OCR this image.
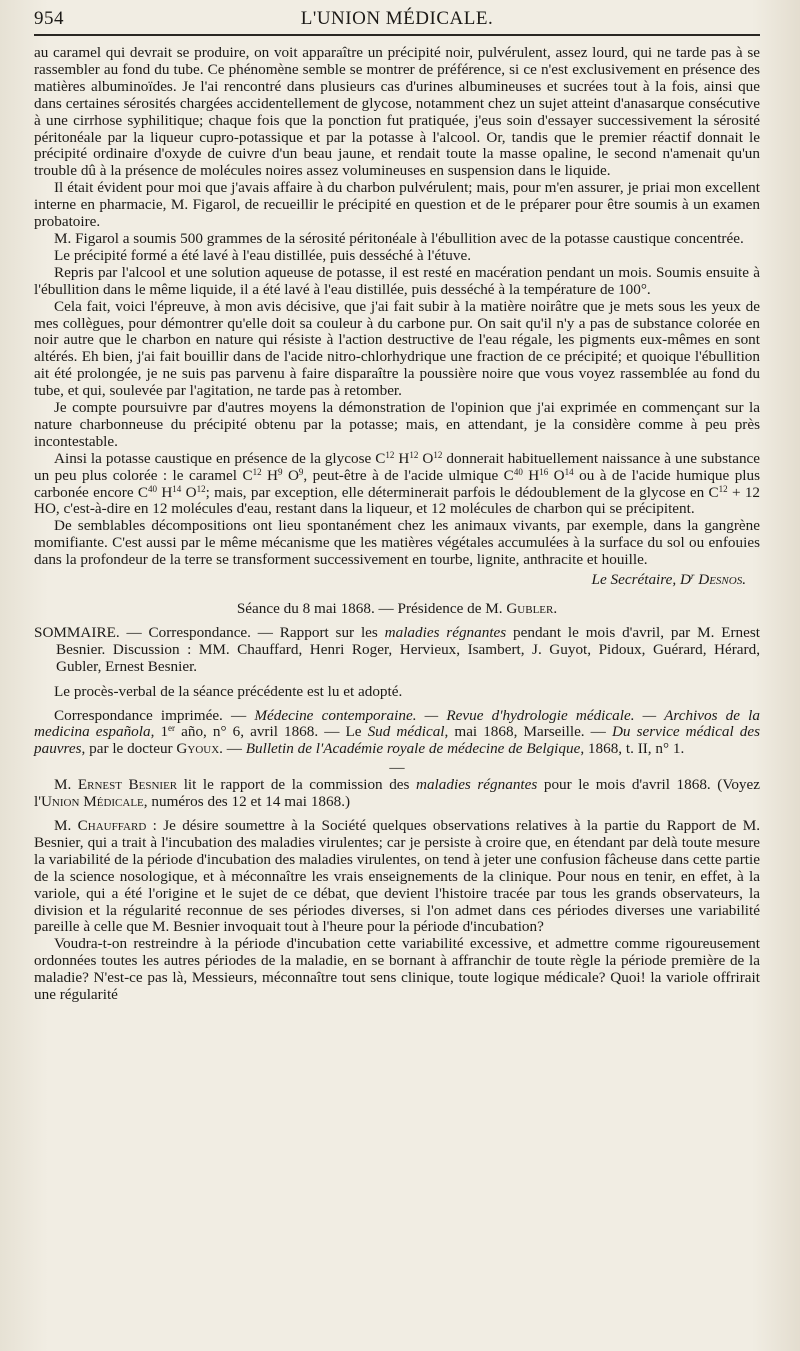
954	L'UNION MÉDICALE.

au caramel qui devrait se produire, on voit apparaître un précipité noir, pulvérulent, assez lourd, qui ne tarde pas à se rassembler au fond du tube. Ce phénomène semble se montrer de préférence, si ce n'est exclusivement en présence des matières albuminoïdes. Je l'ai rencontré dans plusieurs cas d'urines albumineuses et sucrées tout à la fois, ainsi que dans certaines sérosités chargées accidentellement de glycose, notamment chez un sujet atteint d'anasarque consécutive à une cirrhose syphilitique; chaque fois que la ponction fut pratiquée, j'eus soin d'essayer successivement la sérosité péritonéale par la liqueur cupro-potassique et par la potasse à l'alcool. Or, tandis que le premier réactif donnait le précipité ordinaire d'oxyde de cuivre d'un beau jaune, et rendait toute la masse opaline, le second n'amenait qu'un trouble dû à la présence de molécules noires assez volumineuses en suspension dans le liquide.

Il était évident pour moi que j'avais affaire à du charbon pulvérulent; mais, pour m'en assurer, je priai mon excellent interne en pharmacie, M. Figarol, de recueillir le précipité en question et de le préparer pour être soumis à un examen probatoire.

M. Figarol a soumis 500 grammes de la sérosité péritonéale à l'ébullition avec de la potasse caustique concentrée.

Le précipité formé a été lavé à l'eau distillée, puis desséché à l'étuve.

Repris par l'alcool et une solution aqueuse de potasse, il est resté en macération pendant un mois. Soumis ensuite à l'ébullition dans le même liquide, il a été lavé à l'eau distillée, puis desséché à la température de 100°.

Cela fait, voici l'épreuve, à mon avis décisive, que j'ai fait subir à la matière noirâtre que je mets sous les yeux de mes collègues, pour démontrer qu'elle doit sa couleur à du carbone pur. On sait qu'il n'y a pas de substance colorée en noir autre que le charbon en nature qui résiste à l'action destructive de l'eau régale, les pigments eux-mêmes en sont altérés. Eh bien, j'ai fait bouillir dans de l'acide nitro-chlorhydrique une fraction de ce précipité; et quoique l'ébullition ait été prolongée, je ne suis pas parvenu à faire disparaître la poussière noire que vous voyez rassemblée au fond du tube, et qui, soulevée par l'agitation, ne tarde pas à retomber.

Je compte poursuivre par d'autres moyens la démonstration de l'opinion que j'ai exprimée en commençant sur la nature charbonneuse du précipité obtenu par la potasse; mais, en attendant, je la considère comme à peu près incontestable.

Ainsi la potasse caustique en présence de la glycose $C^{12}$ $H^{12}$ $O^{12}$ donnerait habituellement naissance à une substance un peu plus colorée : le caramel $C^{12}$ $H^9$ $O^9$, peut-être à de l'acide ulmique $C^{40}$ $H^{16}$ $O^{14}$ ou à de l'acide humique plus carbonée encore $C^{40}$ $H^{14}$ $O^{12}$; mais, par exception, elle déterminerait parfois le dédoublement de la glycose en $C^{12} + 12$ HO, c'est-à-dire en 12 molécules d'eau, restant dans la liqueur, et 12 molécules de charbon qui se précipitent.

De semblables décompositions ont lieu spontanément chez les animaux vivants, par exemple, dans la gangrène momifiante. C'est aussi par le même mécanisme que les matières végétales accumulées à la surface du sol ou enfouies dans la profondeur de la terre se transforment successivement en tourbe, lignite, anthracite et houille.

Le Secrétaire, $D^r$ Desnos.

Séance du 8 mai 1868. — Présidence de M. Gubler.

SOMMAIRE. — Correspondance. — Rapport sur les maladies régnantes pendant le mois d'avril, par M. Ernest Besnier. Discussion : MM. Chauffard, Henri Roger, Hervieux, Isambert, J. Guyot, Pidoux, Guérard, Hérard, Gubler, Ernest Besnier.

Le procès-verbal de la séance précédente est lu et adopté.

Correspondance imprimée. — Médecine contemporaine. — Revue d'hydrologie médicale. — Archivos de la medicina española, 1er año, n° 6, avril 1868. — Le Sud médical, mai 1868, Marseille. — Du service médical des pauvres, par le docteur Gyoux. — Bulletin de l'Académie royale de médecine de Belgique, 1868, t. II, n° 1.

—

M. Ernest Besnier lit le rapport de la commission des maladies régnantes pour le mois d'avril 1868. (Voyez l'Union Médicale, numéros des 12 et 14 mai 1868.)

M. Chauffard : Je désire soumettre à la Société quelques observations relatives à la partie du Rapport de M. Besnier, qui a trait à l'incubation des maladies virulentes; car je persiste à croire que, en étendant par delà toute mesure la variabilité de la période d'incubation des maladies virulentes, on tend à jeter une confusion fâcheuse dans cette partie de la science nosologique, et à méconnaître les vrais enseignements de la clinique. Pour nous en tenir, en effet, à la variole, qui a été l'origine et le sujet de ce débat, que devient l'histoire tracée par tous les grands observateurs, la division et la régularité reconnue de ses périodes diverses, si l'on admet dans ces périodes diverses une variabilité pareille à celle que M. Besnier invoquait tout à l'heure pour la période d'incubation?

Voudra-t-on restreindre à la période d'incubation cette variabilité excessive, et admettre comme rigoureusement ordonnées toutes les autres périodes de la maladie, en se bornant à affranchir de toute règle la période première de la maladie? N'est-ce pas là, Messieurs, méconnaître tout sens clinique, toute logique médicale? Quoi! la variole offrirait une régularité
